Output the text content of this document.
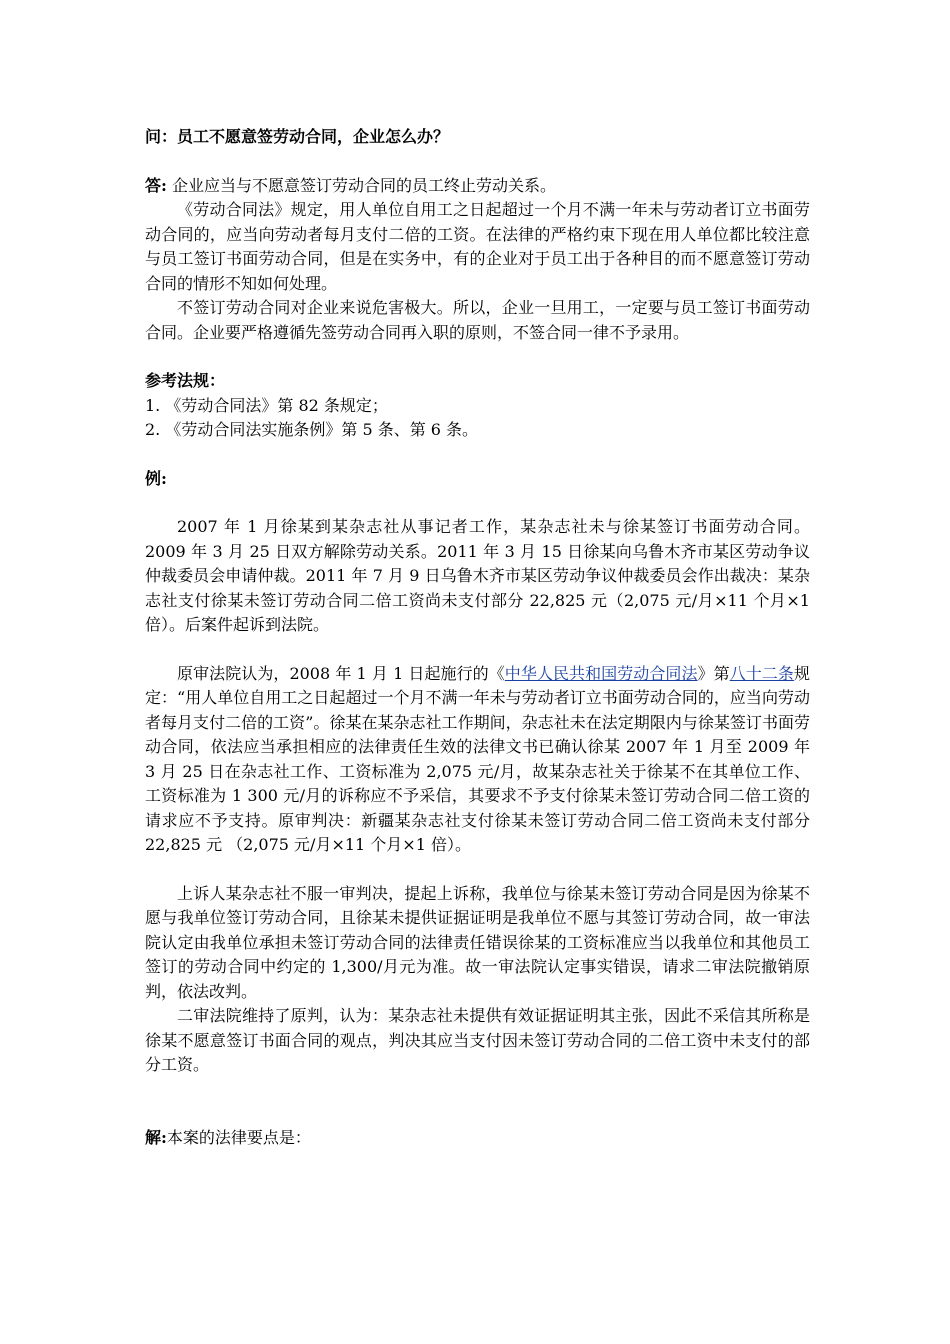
问：员工不愿意签劳动合同，企业怎么办？

答: 企业应当与不愿意签订劳动合同的员工终止劳动关系。

《劳动合同法》规定，用人单位自用工之日起超过一个月不满一年未与劳动者订立书面劳动合同的，应当向劳动者每月支付二倍的工资。在法律的严格约束下现在用人单位都比较注意与员工签订书面劳动合同，但是在实务中，有的企业对于员工出于各种目的而不愿意签订劳动合同的情形不知如何处理。

不签订劳动合同对企业来说危害极大。所以，企业一旦用工，一定要与员工签订书面劳动合同。企业要严格遵循先签劳动合同再入职的原则，不签合同一律不予录用。

参考法规：

1. 《劳动合同法》第 82 条规定；

2. 《劳动合同法实施条例》第 5 条、第 6 条。

例:

2007 年 1 月徐某到某杂志社从事记者工作，某杂志社未与徐某签订书面劳动合同。2009 年 3 月 25 日双方解除劳动关系。2011 年 3 月 15 日徐某向乌鲁木齐市某区劳动争议仲裁委员会申请仲裁。2011 年 7 月 9 日乌鲁木齐市某区劳动争议仲裁委员会作出裁决：某杂志社支付徐某未签订劳动合同二倍工资尚未支付部分 22,825 元（2,075 元/月×11 个月×1 倍）。后案件起诉到法院。

原审法院认为，2008 年 1 月 1 日起施行的《中华人民共和国劳动合同法》第八十二条规定：“用人单位自用工之日起超过一个月不满一年未与劳动者订立书面劳动合同的，应当向劳动者每月支付二倍的工资”。徐某在某杂志社工作期间，杂志社未在法定期限内与徐某签订书面劳动合同，依法应当承担相应的法律责任生效的法律文书已确认徐某 2007 年 1 月至 2009 年 3 月 25 日在杂志社工作、工资标准为 2,075 元/月，故某杂志社关于徐某不在其单位工作、工资标准为 1 300 元/月的诉称应不予采信，其要求不予支付徐某未签订劳动合同二倍工资的请求应不予支持。原审判决：新疆某杂志社支付徐某未签订劳动合同二倍工资尚未支付部分 22,825 元 （2,075 元/月×11 个月×1 倍）。

上诉人某杂志社不服一审判决，提起上诉称，我单位与徐某未签订劳动合同是因为徐某不愿与我单位签订劳动合同，且徐某未提供证据证明是我单位不愿与其签订劳动合同，故一审法院认定由我单位承担未签订劳动合同的法律责任错误徐某的工资标准应当以我单位和其他员工签订的劳动合同中约定的 1,300/月元为准。故一审法院认定事实错误，请求二审法院撤销原判，依法改判。

二审法院维持了原判，认为：某杂志社未提供有效证据证明其主张，因此不采信其所称是徐某不愿意签订书面合同的观点，判决其应当支付因未签订劳动合同的二倍工资中未支付的部分工资。

解:本案的法律要点是：
